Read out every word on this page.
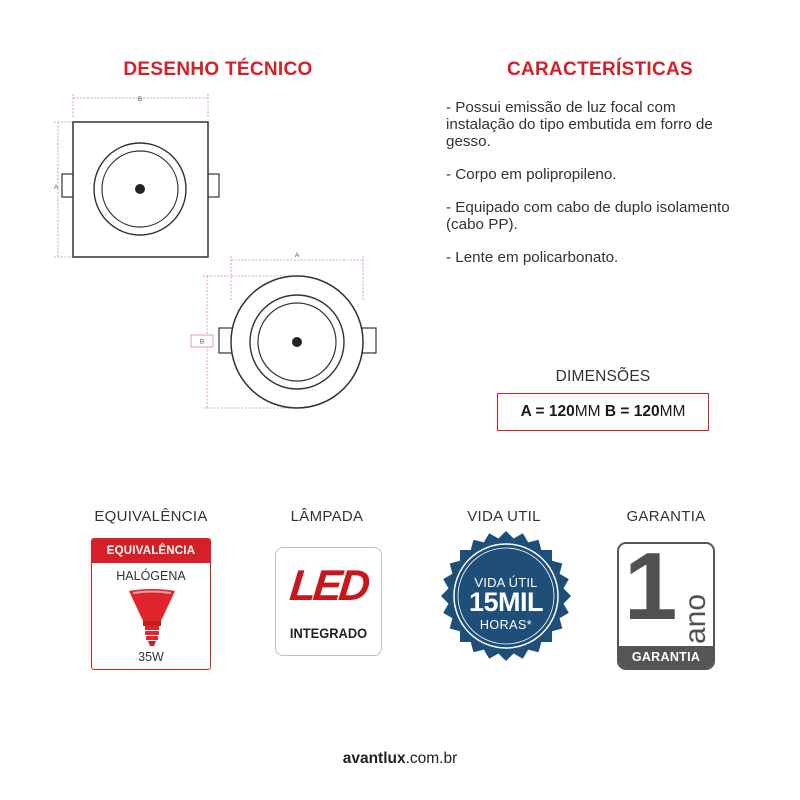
DESENHO TÉCNICO	CARACTERÍSTICAS
B
A
A
B
- Possui emissão de luz focal com instalação do tipo embutida em forro de gesso.
- Corpo em polipropileno.
- Equipado com cabo de duplo isolamento (cabo PP).
- Lente em policarbonato.
DIMENSÕES
A = 120 MM
B = 120 MM
EQUIVALÊNCIA	LÂMPADA	VIDA UTIL	GARANTIA
EQUIVALÊNCIA
HALÓGENA
35W
LED
INTEGRADO
VIDA ÚTIL
15MIL
HORAS* 1 ano
GARANTIA
avantlux.com.br
